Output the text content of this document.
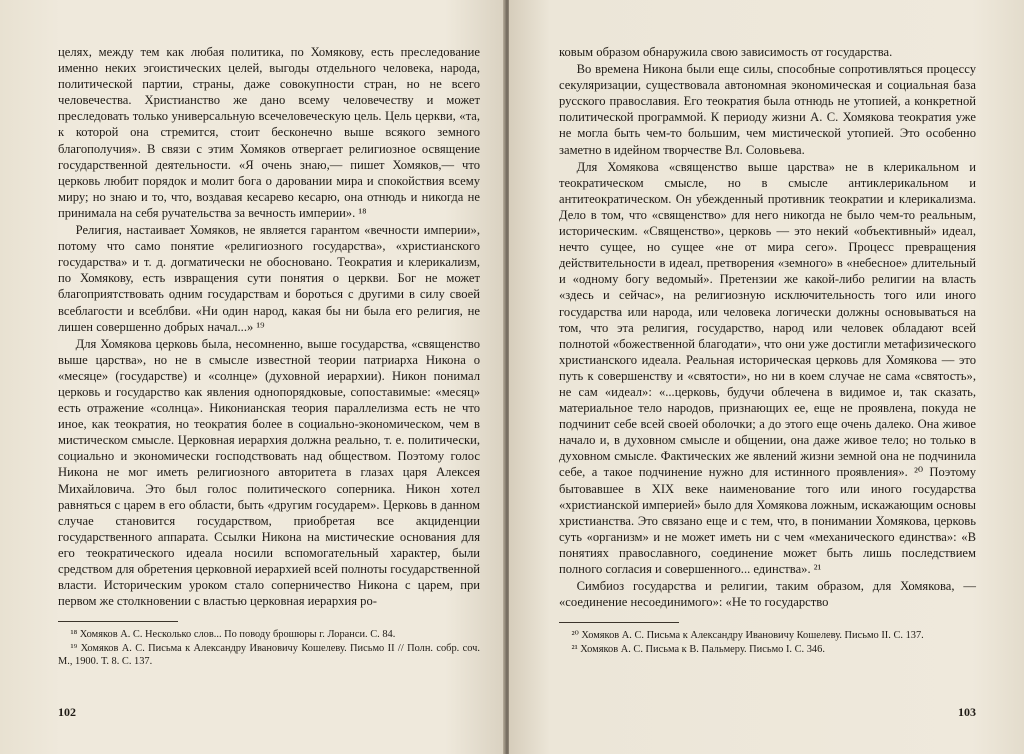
целях, между тем как любая политика, по Хомякову, есть преследование именно неких эгоистических целей, выгоды отдельного человека, народа, политической партии, страны, даже совокупности стран, но не всего человечества. Христианство же дано всему человечеству и может преследовать только универсальную всечеловеческую цель. Цель церкви, «та, к которой она стремится, стоит бесконечно выше всякого земного благополучия». В связи с этим Хомяков отвергает религиозное освящение государственной деятельности. «Я очень знаю,— пишет Хомяков,— что церковь любит порядок и молит бога о даровании мира и спокойствия всему миру; но знаю и то, что, воздавая кесарево кесарю, она отнюдь и никогда не принимала на себя ручательства за вечность империи». ¹⁸

Религия, настаивает Хомяков, не является гарантом «вечности империи», потому что само понятие «религиозного государства», «христианского государства» и т. д. догматически не обосновано. Теократия и клерикализм, по Хомякову, есть извращения сути понятия о церкви. Бог не может благоприятствовать одним государствам и бороться с другими в силу своей всеблагости и всеблбви. «Ни один народ, какая бы ни была его религия, не лишен совершенно добрых начал...» ¹⁹

Для Хомякова церковь была, несомненно, выше государства, «священство выше царства», но не в смысле известной теории патриарха Никона о «месяце» (государстве) и «солнце» (духовной иерархии). Никон понимал церковь и государство как явления однопорядковые, сопоставимые: «месяц» есть отражение «солнца». Никонианская теория параллелизма есть не что иное, как теократия, но теократия более в социально-экономическом, чем в мистическом смысле. Церковная иерархия должна реально, т. е. политически, социально и экономически господствовать над обществом. Поэтому голос Никона не мог иметь религиозного авторитета в глазах царя Алексея Михайловича. Это был голос политического соперника. Никон хотел равняться с царем в его области, быть «другим государем». Церковь в данном случае становится государством, приобретая все акциденции государственного аппарата. Ссылки Никона на мистические основания для его теократического идеала носили вспомогательный характер, были средством для обретения церковной иерархией всей полноты государственной власти. Историческим уроком стало соперничество Никона с царем, при первом же столкновении с властью церковная иерархия ро-

¹⁸ Хомяков А. С. Несколько слов... По поводу брошюры г. Лоранси. С. 84.
¹⁹ Хомяков А. С. Письма к Александру Ивановичу Кошелеву. Письмо II // Полн. собр. соч. М., 1900. Т. 8. С. 137.
102

ковым образом обнаружила свою зависимость от государства.

Во времена Никона были еще силы, способные сопротивляться процессу секуляризации, существовала автономная экономическая и социальная база русского православия. Его теократия была отнюдь не утопией, а конкретной политической программой. К периоду жизни А. С. Хомякова теократия уже не могла быть чем-то большим, чем мистической утопией. Это особенно заметно в идейном творчестве Вл. Соловьева.

Для Хомякова «священство выше царства» не в клерикальном и теократическом смысле, но в смысле антиклерикальном и антитеократическом. Он убежденный противник теократии и клерикализма. Дело в том, что «священство» для него никогда не было чем-то реальным, историческим. «Священство», церковь — это некий «объективный» идеал, нечто сущее, но сущее «не от мира сего». Процесс превращения действительности в идеал, претворения «земного» в «небесное» длительный и «одному богу ведомый». Претензии же какой-либо религии на власть «здесь и сейчас», на религиозную исключительность того или иного государства или народа, или человека логически должны основываться на том, что эта религия, государство, народ или человек обладают всей полнотой «божественной благодати», что они уже достигли метафизического христианского идеала. Реальная историческая церковь для Хомякова — это путь к совершенству и «святости», но ни в коем случае не сама «святость», не сам «идеал»: «...церковь, будучи облечена в видимое и, так сказать, материальное тело народов, признающих ее, еще не проявлена, покуда не подчинит себе всей своей оболочки; а до этого еще очень далеко. Она живое начало и, в духовном смысле и общении, она даже живое тело; но только в духовном смысле. Фактических же явлений жизни земной она не подчинила себе, а такое подчинение нужно для истинного проявления». ²⁰ Поэтому бытовавшее в XIX веке наименование того или иного государства «христианской империей» было для Хомякова ложным, искажающим основы христианства. Это связано еще и с тем, что, в понимании Хомякова, церковь суть «организм» и не может иметь ни с чем «механического единства»: «В понятиях православного, соединение может быть лишь последствием полного согласия и совершенного... единства». ²¹

Симбиоз государства и религии, таким образом, для Хомякова, — «соединение несоединимого»: «Не то государство

²⁰ Хомяков А. С. Письма к Александру Ивановичу Кошелеву. Письмо II. С. 137.
²¹ Хомяков А. С. Письма к В. Пальмеру. Письмо I. С. 346.
103
